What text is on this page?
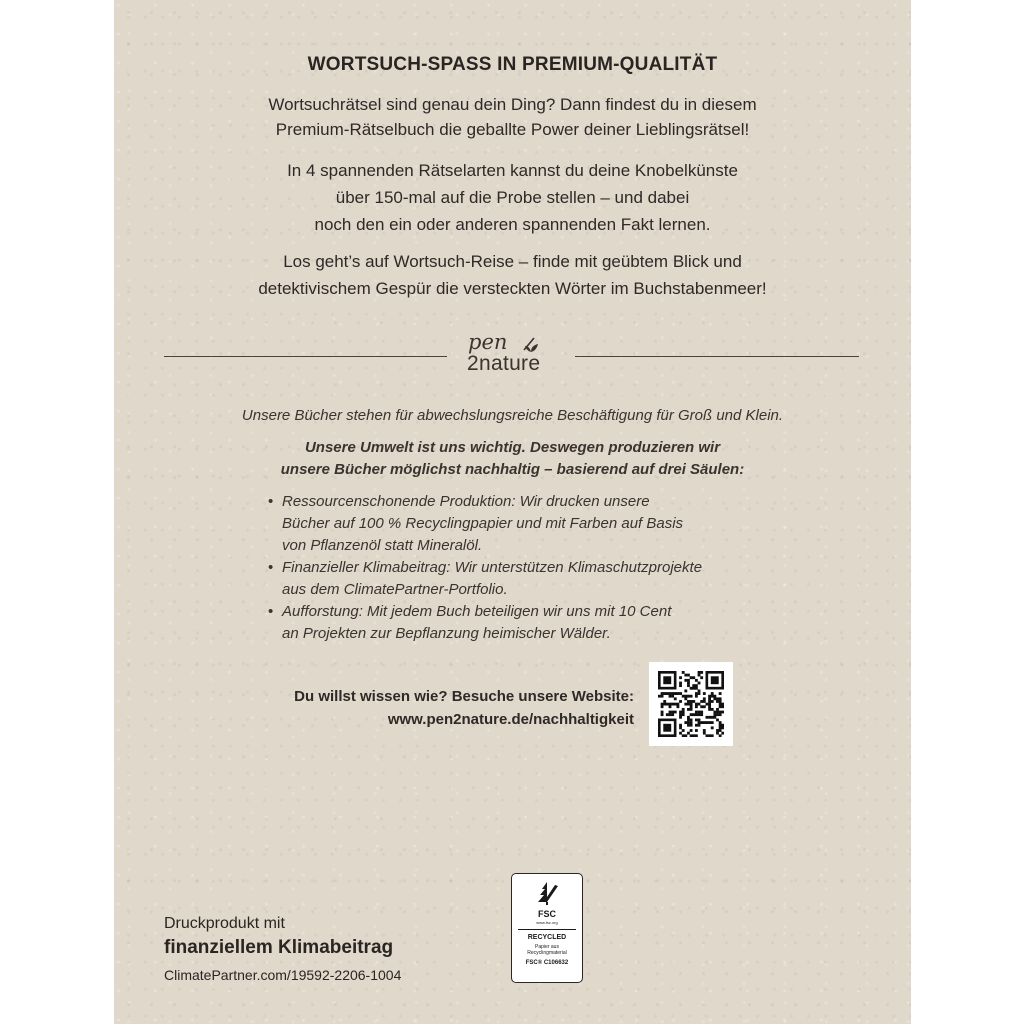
WORTSUCH-SPASS IN PREMIUM-QUALITÄT
Wortsuchrätsel sind genau dein Ding? Dann findest du in diesem
Premium-Rätselbuch die geballte Power deiner Lieblingsrätsel!
In 4 spannenden Rätselarten kannst du deine Knobelkünste
über 150-mal auf die Probe stellen – und dabei
noch den ein oder anderen spannenden Fakt lernen.
Los geht’s auf Wortsuch-Reise – finde mit geübtem Blick und
detektivischem Gespür die versteckten Wörter im Buchstabenmeer!
pen
2nature
Unsere Bücher stehen für abwechslungsreiche Beschäftigung für Groß und Klein.
Unsere Umwelt ist uns wichtig. Deswegen produzieren wir
unsere Bücher möglichst nachhaltig – basierend auf drei Säulen:
• Ressourcenschonende Produktion: Wir drucken unsere
Bücher auf 100 % Recyclingpapier und mit Farben auf Basis
von Pflanzenöl statt Mineralöl.
• Finanzieller Klimabeitrag: Wir unterstützen Klimaschutzprojekte
aus dem ClimatePartner-Portfolio.
• Aufforstung: Mit jedem Buch beteiligen wir uns mit 10 Cent
an Projekten zur Bepflanzung heimischer Wälder.
Du willst wissen wie? Besuche unsere Website:
www.pen2nature.de/nachhaltigkeit
Druckprodukt mit
finanziellem Klimabeitrag
ClimatePartner.com/19592-2206-1004
FSC
www.fsc.org
RECYCLED
Papier aus
Recyclingmaterial
FSC® C106632
